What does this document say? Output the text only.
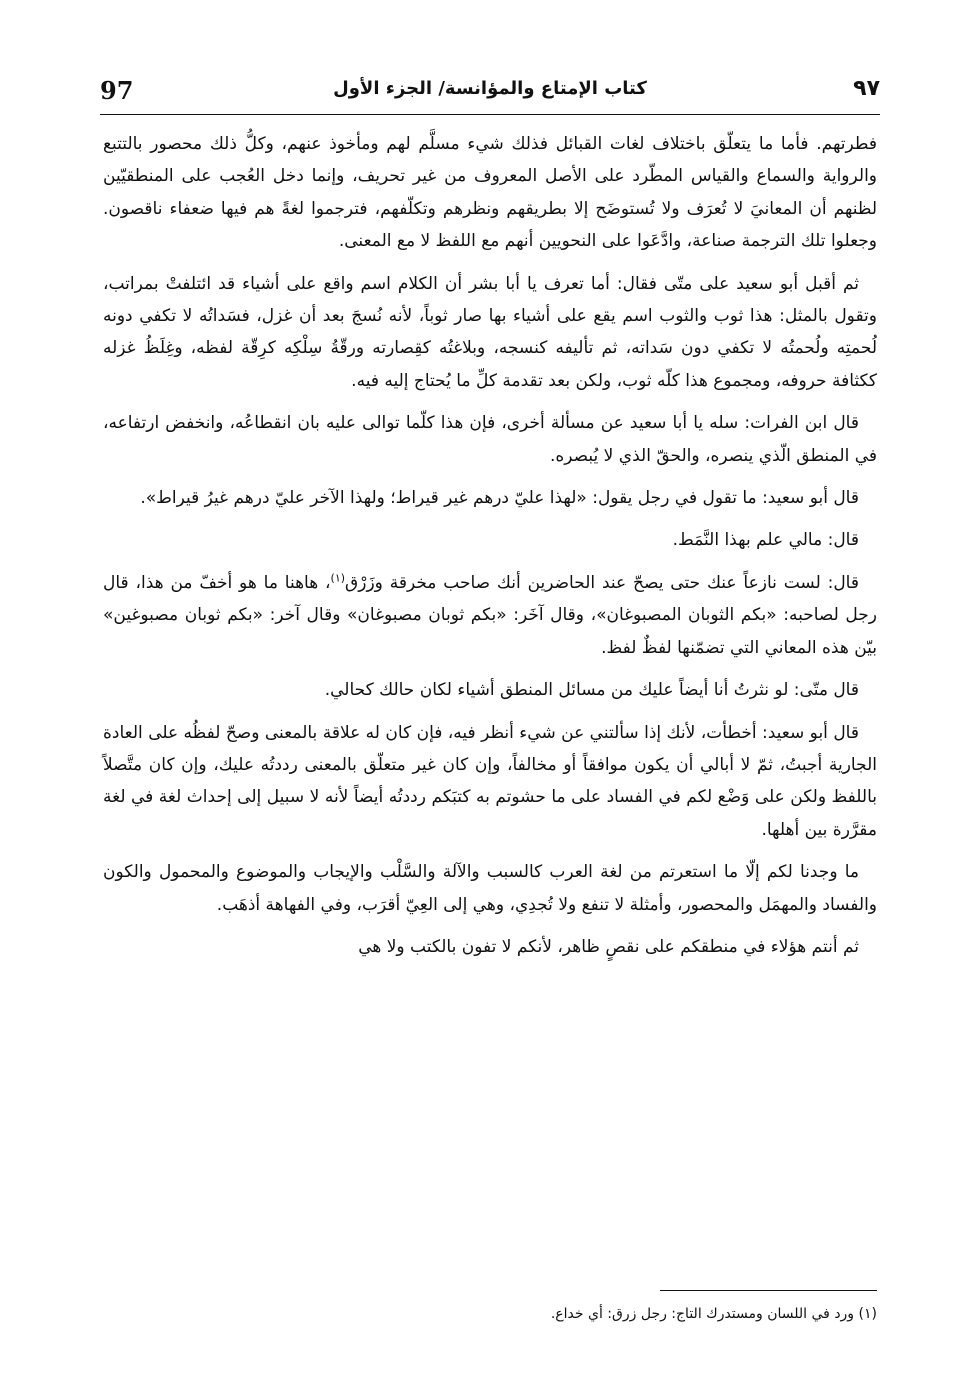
97	كتاب الإمتاع والمؤانسة/ الجزء الأول	٩٧

فطرتهم. فأما ما يتعلّق باختلاف لغات القبائل فذلك شيء مسلَّم لهم ومأخوذ عنهم، وكلُّ ذلك محصور بالتتبع والرواية والسماع والقياس المطّرد على الأصل المعروف من غير تحريف، وإنما دخل العُجب على المنطقيّين لظنهم أن المعانيَ لا تُعرَف ولا تُستوضَح إلا بطريقهم ونظرهم وتكلّفهم، فترجموا لغةً هم فيها ضعفاء ناقصون. وجعلوا تلك الترجمة صناعة، وادَّعَوا على النحويين أنهم مع اللفظ لا مع المعنى.

ثم أقبل أبو سعيد على متّى فقال: أما تعرف يا أبا بشر أن الكلام اسم واقع على أشياء قد ائتلفتْ بمراتب، وتقول بالمثل: هذا ثوب والثوب اسم يقع على أشياء بها صار ثوباً، لأنه نُسجَ بعد أن غزل، فسَداتُه لا تكفي دونه لُحمتِه ولُحمتُه لا تكفي دون سَداته، ثم تأليفه كنسجه، وبلاغتُه كقِصارته ورقّةُ سِلْكِه كرِقّة لفظه، وغِلَظُ غزله ككثافة حروفه، ومجموع هذا كلّه ثوب، ولكن بعد تقدمة كلِّ ما يُحتاج إليه فيه.

قال ابن الفرات: سله يا أبا سعيد عن مسألة أخرى، فإن هذا كلّما توالى عليه بان انقطاعُه، وانخفض ارتفاعه، في المنطق الّذي ينصره، والحقّ الذي لا يُبصره.

قال أبو سعيد: ما تقول في رجل يقول: «لهذا عليّ درهم غير قيراط؛ ولهذا الآخر عليّ درهم غيرُ قيراط».

قال: مالي علم بهذا النَّمَط.

قال: لست نازعاً عنك حتى يصحّ عند الحاضرين أنك صاحب مخرقة وزَرْق$^{(١)}$، هاهنا ما هو أخفّ من هذا، قال رجل لصاحبه: «بكم الثوبان المصبوغان»، وقال آخَر: «بكم ثوبان مصبوغان» وقال آخر: «بكم ثوبان مصبوغين» بيّن هذه المعاني التي تضمّنها لفظٌ لفظ.

قال متّى: لو نثرتُ أنا أيضاً عليك من مسائل المنطق أشياء لكان حالك كحالي.

قال أبو سعيد: أخطأت، لأنك إذا سألتني عن شيء أنظر فيه، فإن كان له علاقة بالمعنى وصحّ لفظُه على العادة الجارية أجبتُ، ثمّ لا أبالي أن يكون موافقاً أو مخالفاً، وإن كان غير متعلّق بالمعنى رددتُه عليك، وإن كان متَّصلاً باللفظ ولكن على وَضْع لكم في الفساد على ما حشوتم به كتبَكم رددتُه أيضاً لأنه لا سبيل إلى إحداث لغة في لغة مقرَّرة بين أهلها.

ما وجدنا لكم إلّا ما استعرتم من لغة العرب كالسبب والآلة والسَّلْب والإيجاب والموضوع والمحمول والكون والفساد والمهمَل والمحصور، وأمثلة لا تنفع ولا تُجدِي، وهي إلى العِيّ أقرَب، وفي الفهاهة أذهَب.

ثم أنتم هؤلاء في منطقكم على نقصٍ ظاهر، لأنكم لا تفون بالكتب ولا هي

(١) ورد في اللسان ومستدرك التاج: رجل زرق: أي خداع.
